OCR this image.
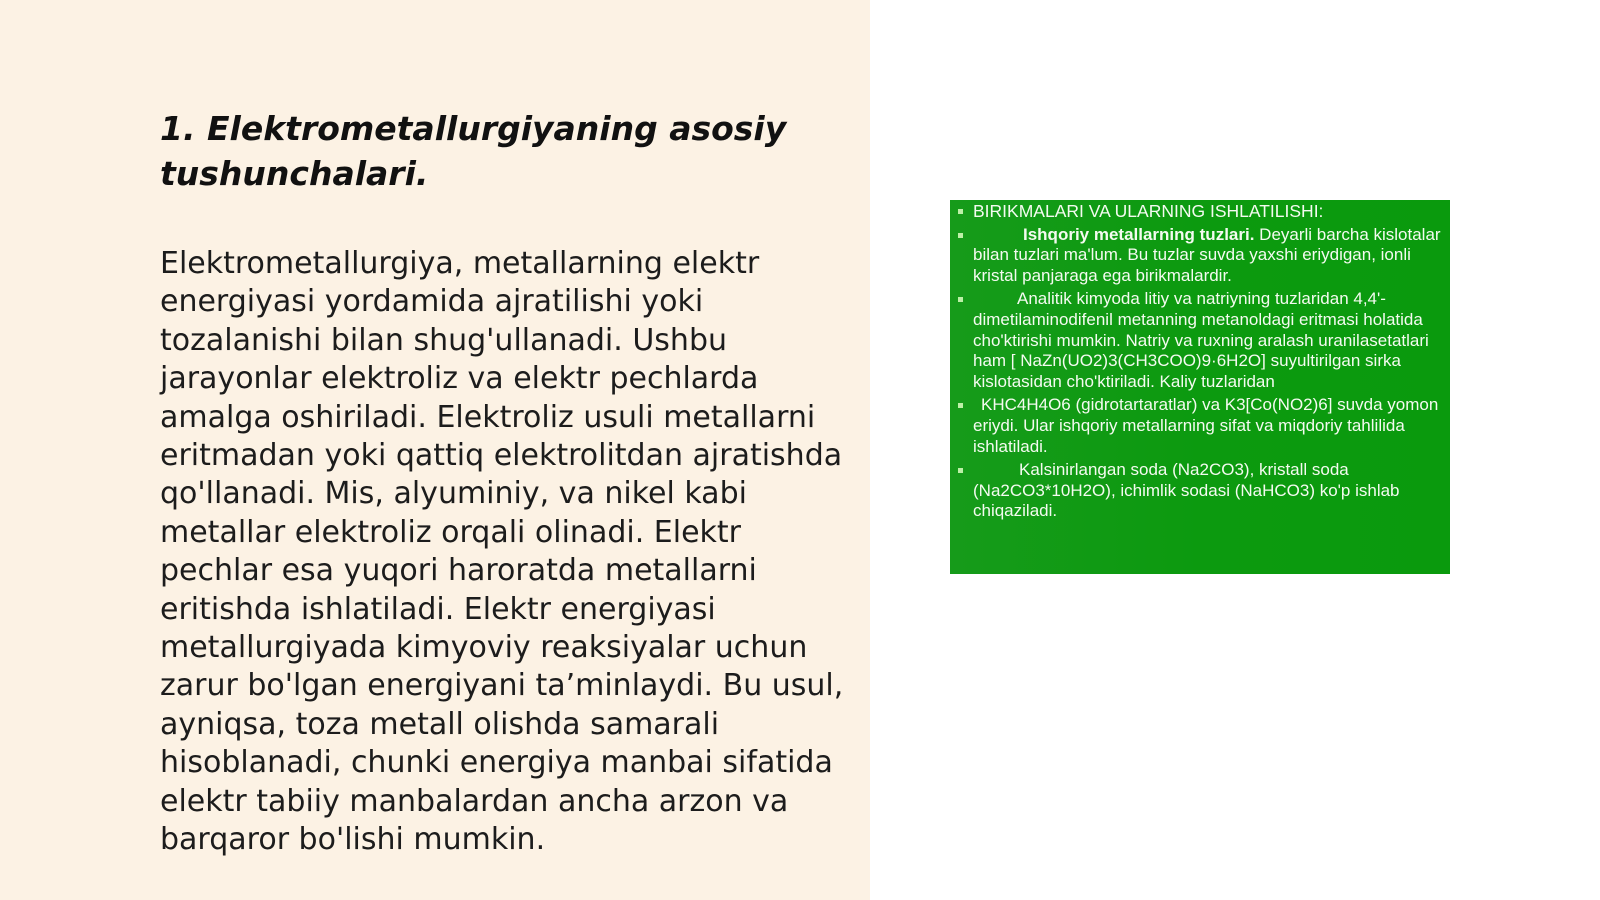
1. Elektrometallurgiyaning asosiy tushunchalari.

Elektrometallurgiya, metallarning elektr energiyasi yordamida ajratilishi yoki tozalanishi bilan shug'ullanadi. Ushbu jarayonlar elektroliz va elektr pechlarda amalga oshiriladi. Elektroliz usuli metallarni eritmadan yoki qattiq elektrolitdan ajratishda qo'llanadi. Mis, alyuminiy, va nikel kabi metallar elektroliz orqali olinadi. Elektr pechlar esa yuqori haroratda metallarni eritishda ishlatiladi. Elektr energiyasi metallurgiyada kimyoviy reaksiyalar uchun zarur bo'lgan energiyani ta’minlaydi. Bu usul, ayniqsa, toza metall olishda samarali hisoblanadi, chunki energiya manbai sifatida elektr tabiiy manbalardan ancha arzon va barqaror bo'lishi mumkin.

BIRIKMALARI VA ULARNING ISHLATILISHI:
Ishqoriy metallarning tuzlari. Deyarli barcha kislotalar bilan tuzlari ma'lum. Bu tuzlar suvda yaxshi eriydigan, ionli kristal panjaraga ega birikmalardir.
Analitik kimyoda litiy va natriyning tuzlaridan 4,4'-dimetilaminodifenil metanning metanoldagi eritmasi holatida cho'ktirishi mumkin. Natriy va ruxning aralash uranilasetatlari ham [ NaZn(UO2)3(CH3COO)9·6H2O] suyultirilgan sirka kislotasidan cho'ktiriladi. Kaliy tuzlaridan
KHC4H4O6 (gidrotartaratlar) va K3[Co(NO2)6] suvda yomon eriydi. Ular ishqoriy metallarning sifat va miqdoriy tahlilida ishlatiladi.
Kalsinirlangan soda (Na2CO3), kristall soda (Na2CO3*10H2O), ichimlik sodasi (NaHCO3) ko'p ishlab chiqaziladi.
